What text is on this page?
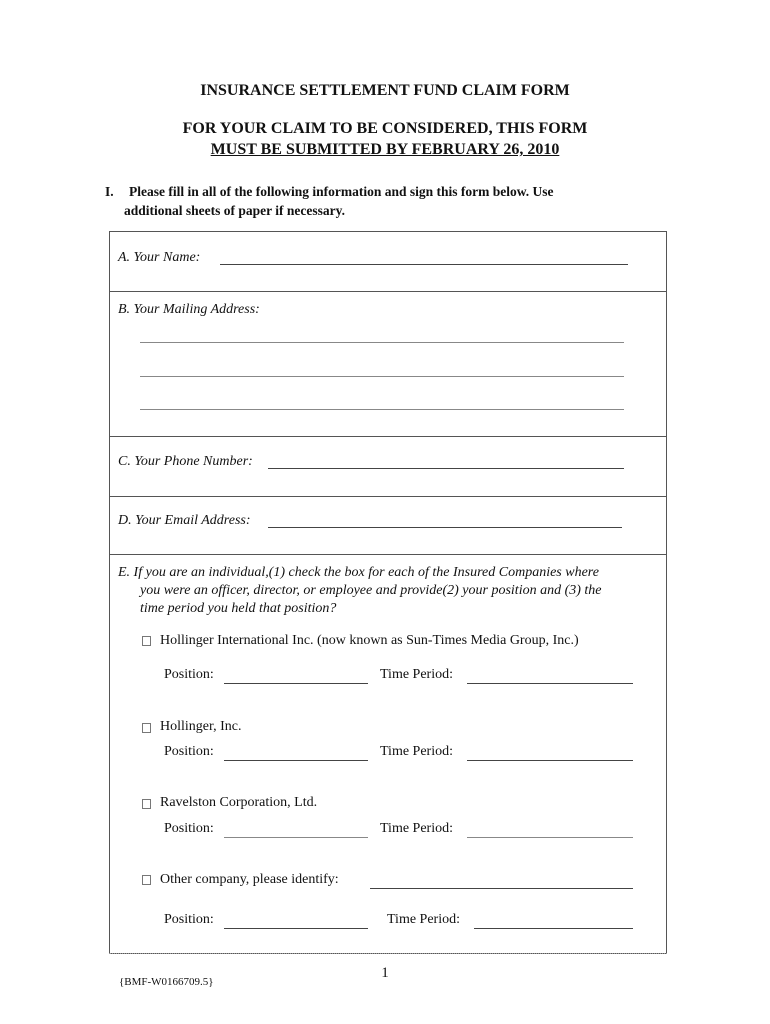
INSURANCE SETTLEMENT FUND CLAIM FORM
FOR YOUR CLAIM TO BE CONSIDERED, THIS FORM
MUST BE SUBMITTED BY FEBRUARY 26, 2010
I. Please fill in all of the following information and sign this form below. Use
additional sheets of paper if necessary.
A. Your Name:
B. Your Mailing Address:
C. Your Phone Number:
D. Your Email Address:
E. If you are an individual,(1) check the box for each of the Insured Companies where
you were an officer, director, or employee and provide(2) your position and (3) the
time period you held that position?
Hollinger International Inc. (now known as Sun-Times Media Group, Inc.)
Position:	Time Period:
Hollinger, Inc.
Position:	Time Period:
Ravelston Corporation, Ltd.
Position:	Time Period:
Other company, please identify:
Position:	Time Period:
1
{BMF-W0166709.5}
